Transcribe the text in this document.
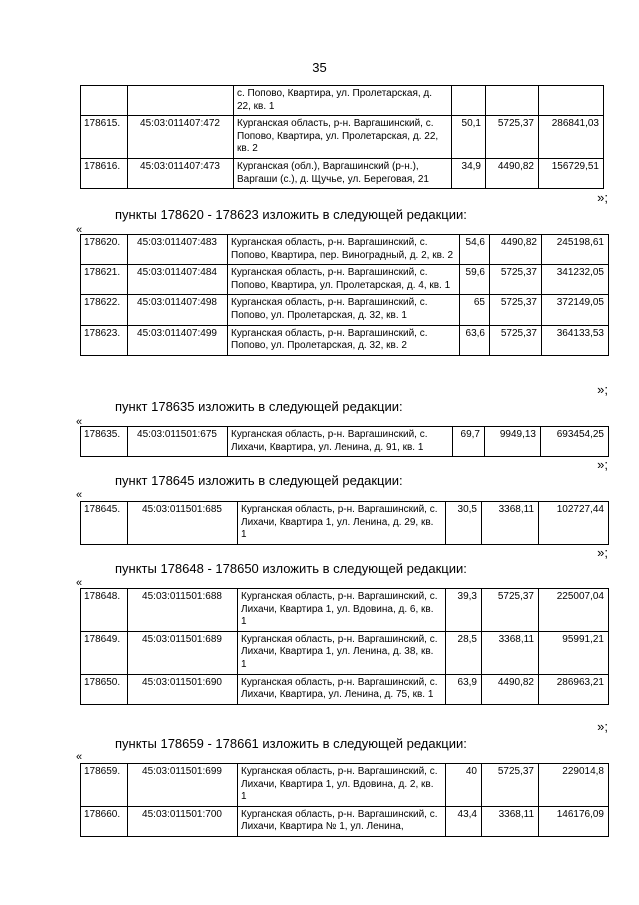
35
		с. Попово, Квартира, ул. Пролетарская, д. 22, кв. 1			
178615.	45:03:011407:472	Курганская область, р-н. Варгашинский, с. Попово, Квартира, ул. Пролетарская, д. 22, кв. 2	50,1	5725,37	286841,03
178616.	45:03:011407:473	Курганская (обл.), Варгашинский (р-н.), Варгаши (с.), д. Щучье, ул. Береговая, 21	34,9	4490,82	156729,51
»;
пункты 178620 - 178623 изложить в следующей редакции:
«
178620.	45:03:011407:483	Курганская область, р-н. Варгашинский, с. Попово, Квартира, пер. Виноградный, д. 2, кв. 2	54,6	4490,82	245198,61
178621.	45:03:011407:484	Курганская область, р-н. Варгашинский, с. Попово, Квартира, ул. Пролетарская, д. 4, кв. 1	59,6	5725,37	341232,05
178622.	45:03:011407:498	Курганская область, р-н. Варгашинский, с. Попово, ул. Пролетарская, д. 32, кв. 1	65	5725,37	372149,05
178623.	45:03:011407:499	Курганская область, р-н. Варгашинский, с. Попово, ул. Пролетарская, д. 32, кв. 2	63,6	5725,37	364133,53
»;
пункт 178635 изложить в следующей редакции:
«
178635.	45:03:011501:675	Курганская область, р-н. Варгашинский, с. Лихачи, Квартира, ул. Ленина, д. 91, кв. 1	69,7	9949,13	693454,25
»;
пункт 178645 изложить в следующей редакции:
«
178645.	45:03:011501:685	Курганская область, р-н. Варгашинский, с. Лихачи, Квартира 1, ул. Ленина, д. 29, кв. 1	30,5	3368,11	102727,44
»;
пункты 178648 - 178650 изложить в следующей редакции:
«
178648.	45:03:011501:688	Курганская область, р-н. Варгашинский, с. Лихачи, Квартира 1, ул. Вдовина, д. 6, кв. 1	39,3	5725,37	225007,04
178649.	45:03:011501:689	Курганская область, р-н. Варгашинский, с. Лихачи, Квартира 1, ул. Ленина, д. 38, кв. 1	28,5	3368,11	95991,21
178650.	45:03:011501:690	Курганская область, р-н. Варгашинский, с. Лихачи, Квартира, ул. Ленина, д. 75, кв. 1	63,9	4490,82	286963,21
»;
пункты 178659 - 178661 изложить в следующей редакции:
«
178659.	45:03:011501:699	Курганская область, р-н. Варгашинский, с. Лихачи, Квартира 1, ул. Вдовина, д. 2, кв. 1	40	5725,37	229014,8
178660.	45:03:011501:700	Курганская область, р-н. Варгашинский, с. Лихачи, Квартира № 1, ул. Ленина,	43,4	3368,11	146176,09
